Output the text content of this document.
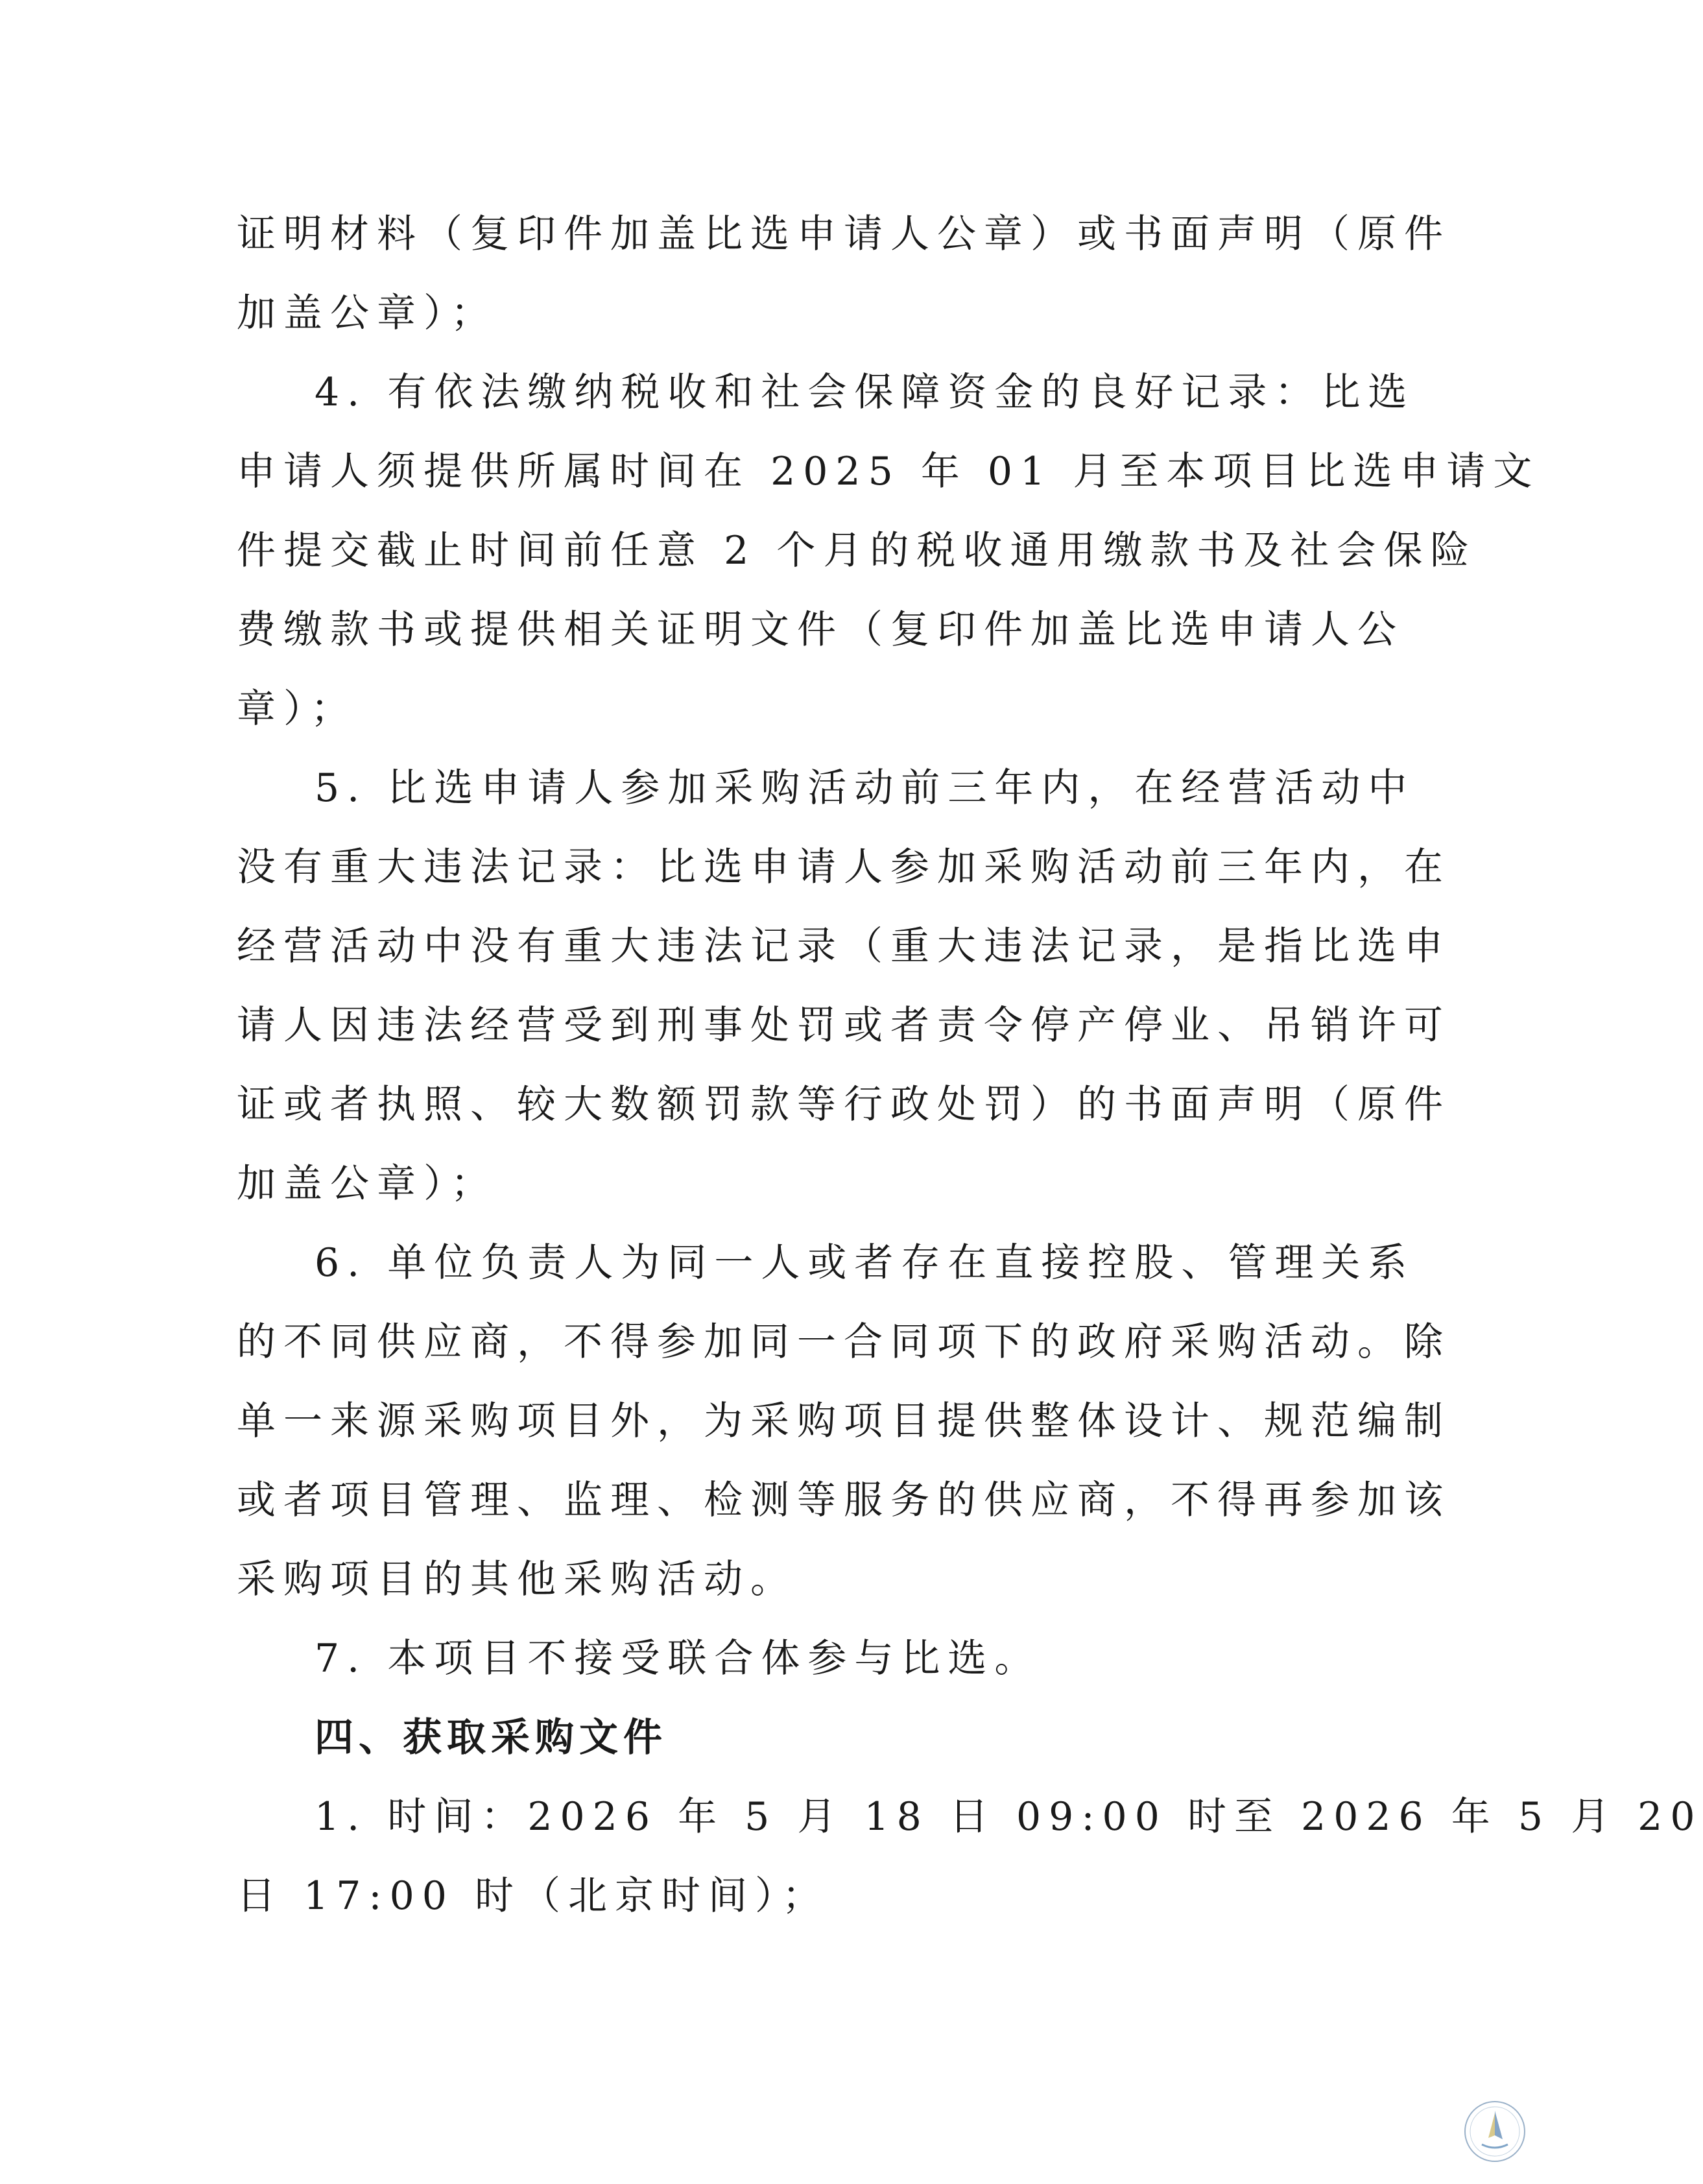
证明材料（复印件加盖比选申请人公章）或书面声明（原件
加盖公章）；
4. 有依法缴纳税收和社会保障资金的良好记录：比选
申请人须提供所属时间在 2025 年 01 月至本项目比选申请文
件提交截止时间前任意 2 个月的税收通用缴款书及社会保险
费缴款书或提供相关证明文件（复印件加盖比选申请人公
章）；
5. 比选申请人参加采购活动前三年内，在经营活动中
没有重大违法记录：比选申请人参加采购活动前三年内，在
经营活动中没有重大违法记录（重大违法记录，是指比选申
请人因违法经营受到刑事处罚或者责令停产停业、吊销许可
证或者执照、较大数额罚款等行政处罚）的书面声明（原件
加盖公章）；
6. 单位负责人为同一人或者存在直接控股、管理关系
的不同供应商，不得参加同一合同项下的政府采购活动。除
单一来源采购项目外，为采购项目提供整体设计、规范编制
或者项目管理、监理、检测等服务的供应商，不得再参加该
采购项目的其他采购活动。
7. 本项目不接受联合体参与比选。
四、获取采购文件
1. 时间：2026 年 5 月 18 日 09:00 时至 2026 年 5 月 20
日 17:00 时（北京时间）；
